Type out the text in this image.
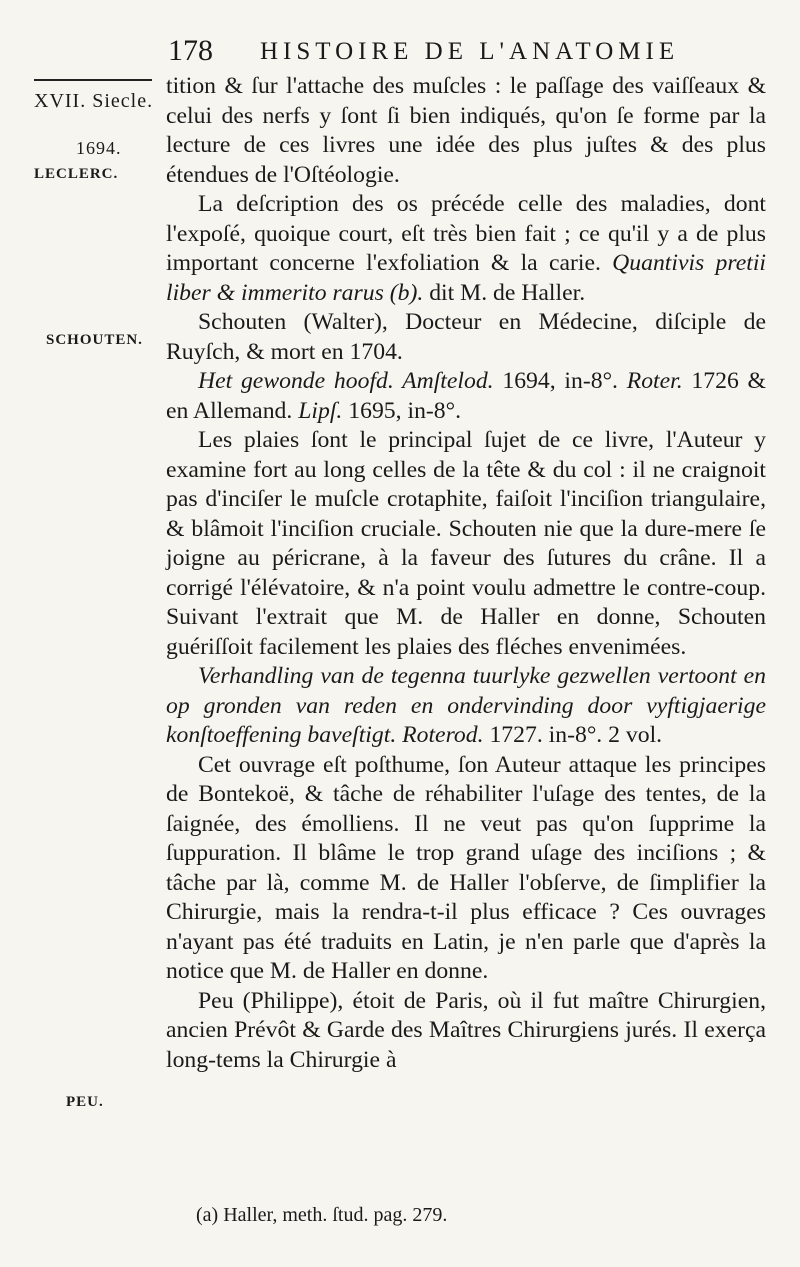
178 HISTOIRE DE L'ANATOMIE
XVII. Siecle.
1694.
LECLERC.
SCHOUTEN.
PEU.

tition & ſur l'attache des muſcles : le paſſage des vaiſſeaux & celui des nerfs y ſont ſi bien indiqués, qu'on ſe forme par la lecture de ces livres une idée des plus juſtes & des plus étendues de l'Oſtéologie.

La deſcription des os précéde celle des maladies, dont l'expoſé, quoique court, eſt très bien fait ; ce qu'il y a de plus important concerne l'exfoliation & la carie. Quantivis pretii liber & immerito rarus (b). dit M. de Haller.

Schouten (Walter), Docteur en Médecine, diſciple de Ruyſch, & mort en 1704.

Het gewonde hoofd. Amſtelod. 1694, in-8°. Roter. 1726 & en Allemand. Lipſ. 1695, in-8°.

Les plaies ſont le principal ſujet de ce livre, l'Auteur y examine fort au long celles de la tête & du col : il ne craignoit pas d'inciſer le muſcle crotaphite, faiſoit l'inciſion triangulaire, & blâmoit l'inciſion cruciale. Schouten nie que la dure-mere ſe joigne au péricrane, à la faveur des ſutures du crâne. Il a corrigé l'élévatoire, & n'a point voulu admettre le contre-coup. Suivant l'extrait que M. de Haller en donne, Schouten guériſſoit facilement les plaies des fléches envenimées.

Verhandling van de tegenna tuurlyke gezwellen vertoont en op gronden van reden en ondervinding door vyftigjaerige konſtoeffening baveſtigt. Roterod. 1727. in-8°. 2 vol.

Cet ouvrage eſt poſthume, ſon Auteur attaque les principes de Bontekoë, & tâche de réhabiliter l'uſage des tentes, de la ſaignée, des émolliens. Il ne veut pas qu'on ſupprime la ſuppuration. Il blâme le trop grand uſage des inciſions ; & tâche par là, comme M. de Haller l'obſerve, de ſimplifier la Chirurgie, mais la rendra-t-il plus efficace ? Ces ouvrages n'ayant pas été traduits en Latin, je n'en parle que d'après la notice que M. de Haller en donne.

Peu (Philippe), étoit de Paris, où il fut maître Chirurgien, ancien Prévôt & Garde des Maîtres Chirurgiens jurés. Il exerça long-tems la Chirurgie à

(a) Haller, meth. ſtud. pag. 279.
